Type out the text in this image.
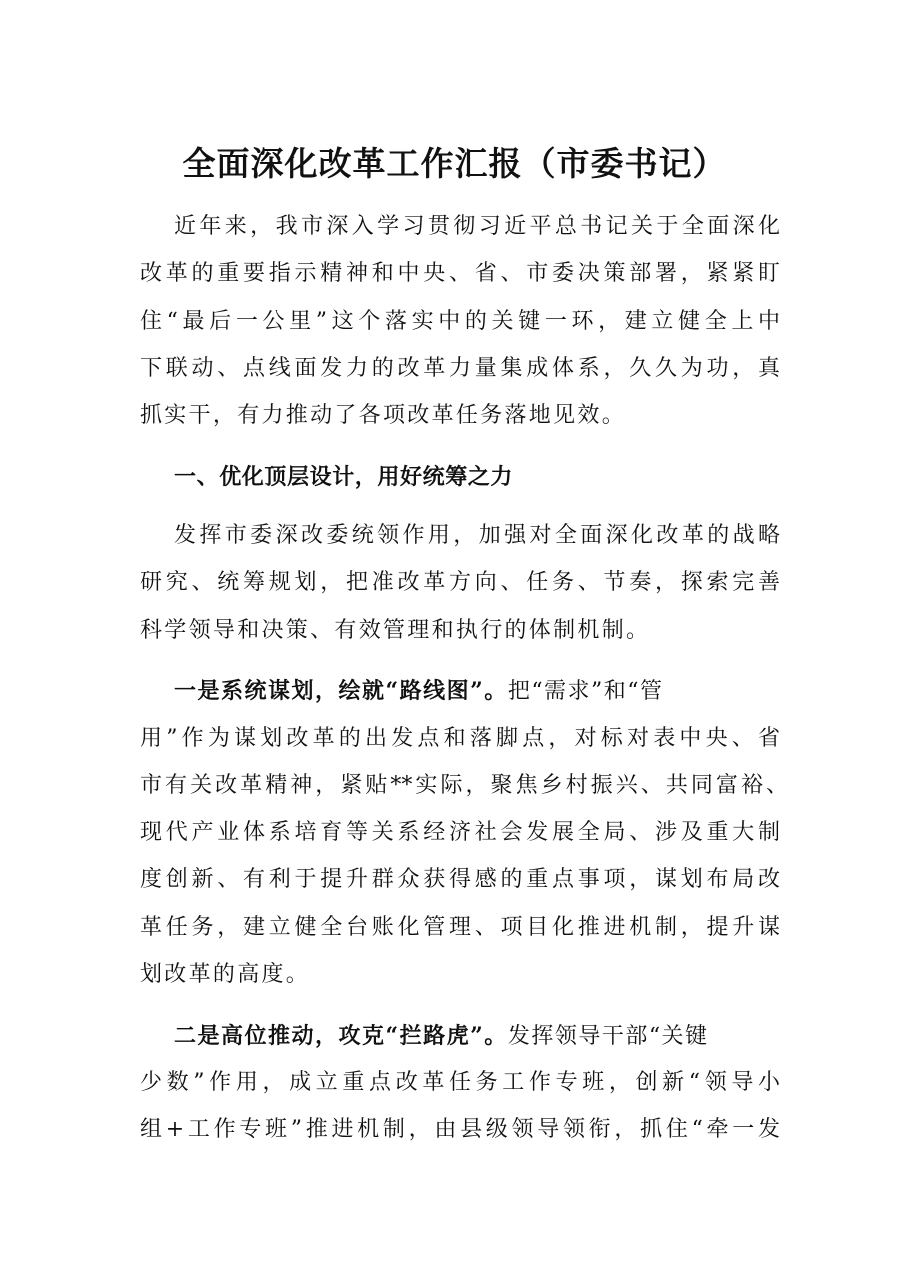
全面深化改革工作汇报（市委书记）
近年来，我市深入学习贯彻习近平总书记关于全面深化
改革的重要指示精神和中央、省、市委决策部署，紧紧盯
住“最后一公里”这个落实中的关键一环，建立健全上中
下联动、点线面发力的改革力量集成体系，久久为功，真
抓实干，有力推动了各项改革任务落地见效。
一、优化顶层设计，用好统筹之力
发挥市委深改委统领作用，加强对全面深化改革的战略
研究、统筹规划，把准改革方向、任务、节奏，探索完善
科学领导和决策、有效管理和执行的体制机制。
一是系统谋划，绘就“路线图”。把“需求”和“管
用”作为谋划改革的出发点和落脚点，对标对表中央、省
市有关改革精神，紧贴**实际，聚焦乡村振兴、共同富裕、
现代产业体系培育等关系经济社会发展全局、涉及重大制
度创新、有利于提升群众获得感的重点事项，谋划布局改
革任务，建立健全台账化管理、项目化推进机制，提升谋
划改革的高度。
二是高位推动，攻克“拦路虎”。发挥领导干部“关键
少数”作用，成立重点改革任务工作专班，创新“领导小
组+工作专班”推进机制，由县级领导领衔，抓住“牵一发
